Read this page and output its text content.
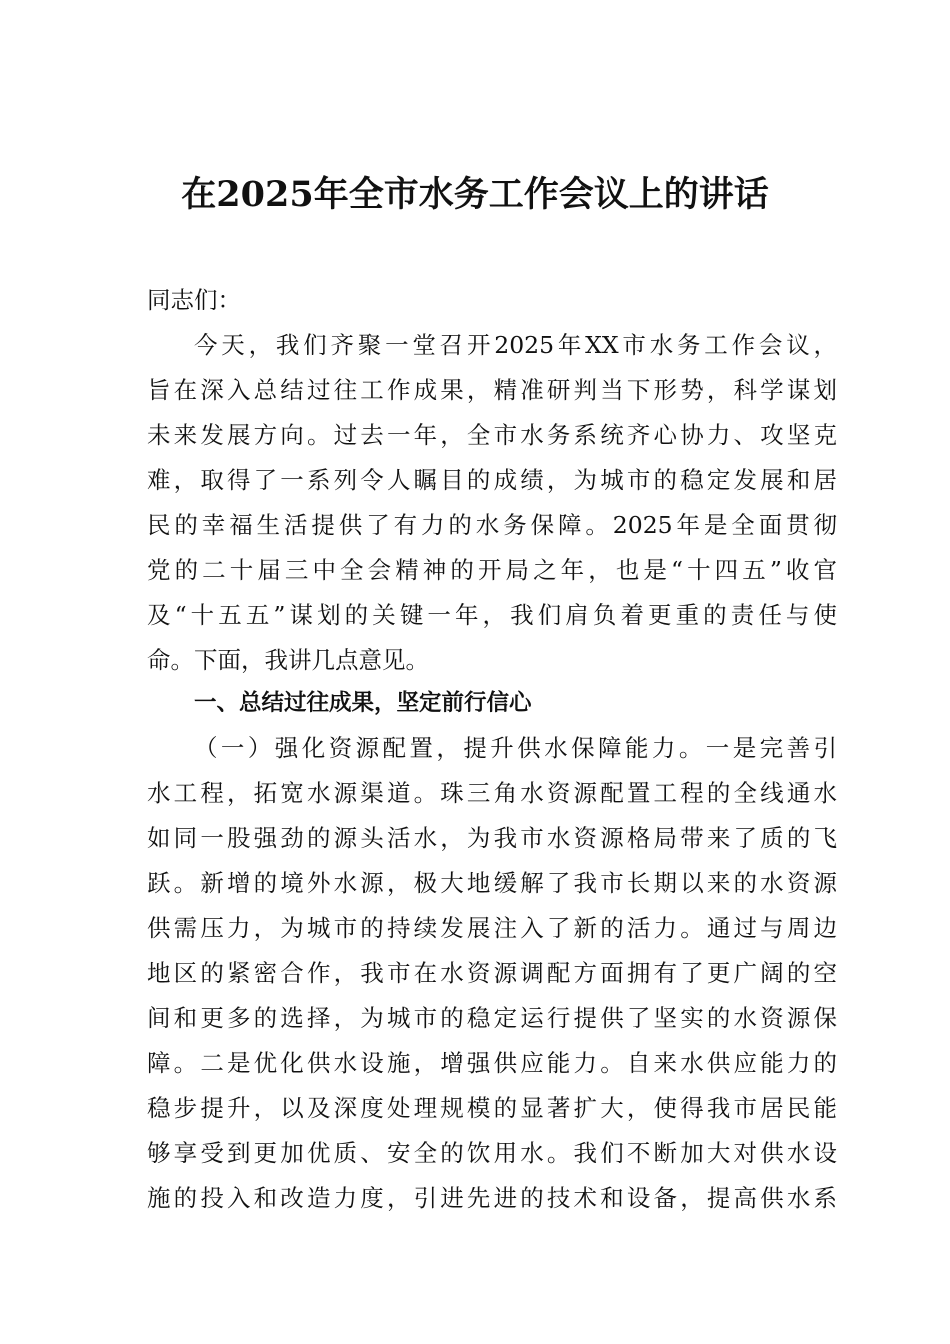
在2025年全市水务工作会议上的讲话
同志们：
今天，我们齐聚一堂召开2025年XX市水务工作会议，
旨在深入总结过往工作成果，精准研判当下形势，科学谋划
未来发展方向。过去一年，全市水务系统齐心协力、攻坚克
难，取得了一系列令人瞩目的成绩，为城市的稳定发展和居
民的幸福生活提供了有力的水务保障。2025年是全面贯彻
党的二十届三中全会精神的开局之年，也是“十四五”收官
及“十五五”谋划的关键一年，我们肩负着更重的责任与使
命。下面，我讲几点意见。
一、总结过往成果，坚定前行信心
（一）强化资源配置，提升供水保障能力。一是完善引
水工程，拓宽水源渠道。珠三角水资源配置工程的全线通水
如同一股强劲的源头活水，为我市水资源格局带来了质的飞
跃。新增的境外水源，极大地缓解了我市长期以来的水资源
供需压力，为城市的持续发展注入了新的活力。通过与周边
地区的紧密合作，我市在水资源调配方面拥有了更广阔的空
间和更多的选择，为城市的稳定运行提供了坚实的水资源保
障。二是优化供水设施，增强供应能力。自来水供应能力的
稳步提升，以及深度处理规模的显著扩大，使得我市居民能
够享受到更加优质、安全的饮用水。我们不断加大对供水设
施的投入和改造力度，引进先进的技术和设备，提高供水系
